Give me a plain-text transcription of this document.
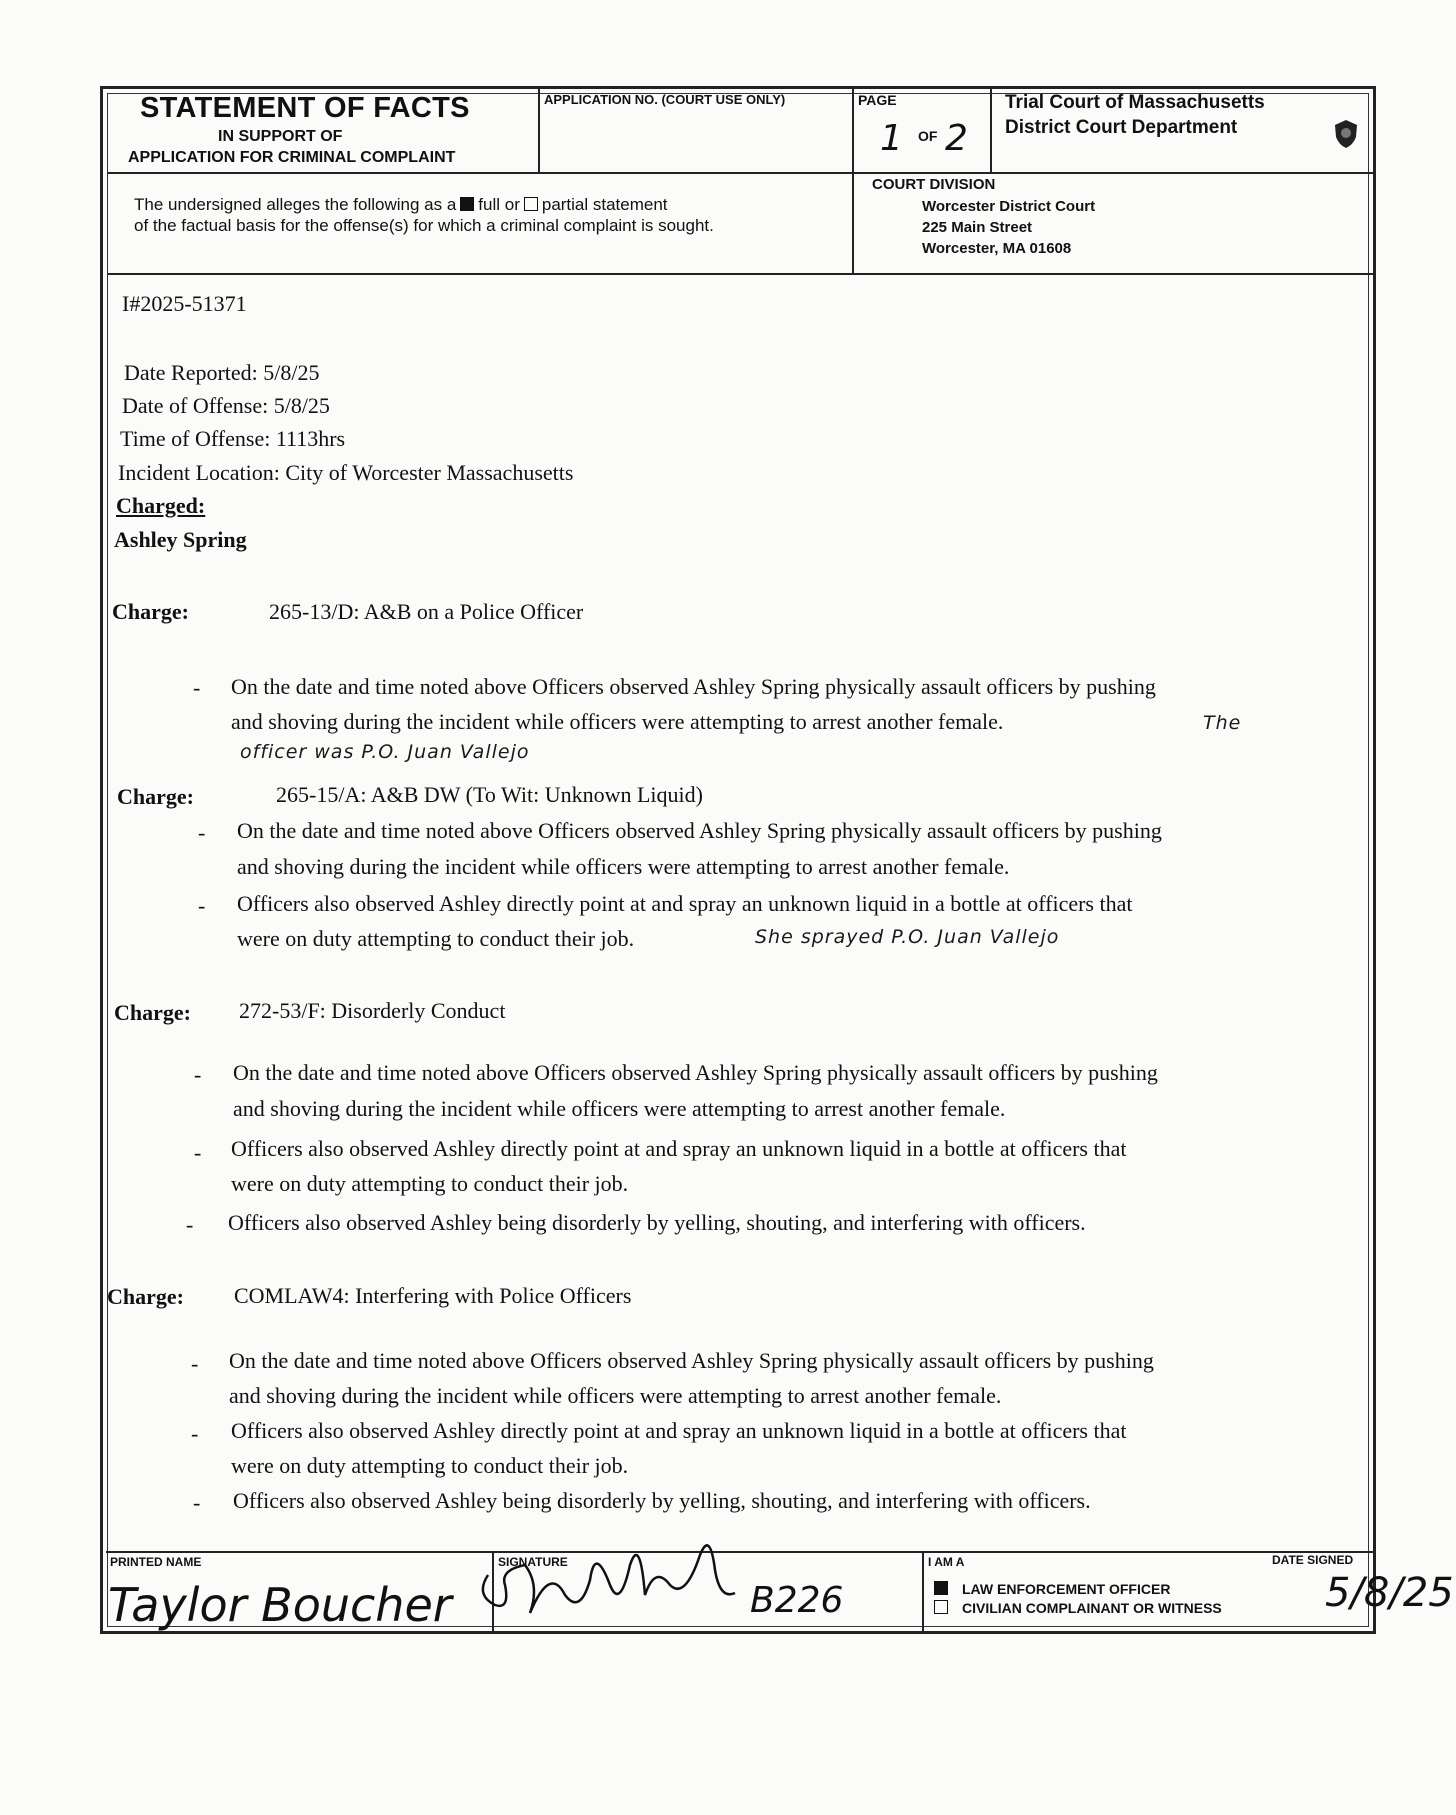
STATEMENT OF FACTS
IN SUPPORT OF
APPLICATION FOR CRIMINAL COMPLAINT
APPLICATION NO. (COURT USE ONLY)	PAGE
1 OF 2
Trial Court of Massachusetts
District Court Department
The undersigned alleges the following as a full or partial statement
of the factual basis for the offense(s) for which a criminal complaint is sought.
COURT DIVISION
Worcester District Court
225 Main Street
Worcester, MA 01608
I#2025-51371
Date Reported: 5/8/25
Date of Offense: 5/8/25
Time of Offense: 1113hrs
Incident Location: City of Worcester Massachusetts
Charged:
Ashley Spring
Charge:	265-13/D: A&B on a Police Officer
- On the date and time noted above Officers observed Ashley Spring physically assault officers by pushing
and shoving during the incident while officers were attempting to arrest another female.	The
officer was P.O. Juan Vallejo
Charge:	265-15/A: A&B DW (To Wit: Unknown Liquid)
- On the date and time noted above Officers observed Ashley Spring physically assault officers by pushing
and shoving during the incident while officers were attempting to arrest another female.
- Officers also observed Ashley directly point at and spray an unknown liquid in a bottle at officers that
were on duty attempting to conduct their job.	She sprayed P.O. Juan Vallejo
Charge: 272-53/F: Disorderly Conduct
- On the date and time noted above Officers observed Ashley Spring physically assault officers by pushing
and shoving during the incident while officers were attempting to arrest another female.
- Officers also observed Ashley directly point at and spray an unknown liquid in a bottle at officers that
were on duty attempting to conduct their job.
- Officers also observed Ashley being disorderly by yelling, shouting, and interfering with officers.
Charge: COMLAW4: Interfering with Police Officers
- On the date and time noted above Officers observed Ashley Spring physically assault officers by pushing
and shoving during the incident while officers were attempting to arrest another female.
- Officers also observed Ashley directly point at and spray an unknown liquid in a bottle at officers that
were on duty attempting to conduct their job.
- Officers also observed Ashley being disorderly by yelling, shouting, and interfering with officers.
PRINTED NAME
Taylor Boucher
SIGNATURE
B226
I AM A	DATE SIGNED
LAW ENFORCEMENT OFFICER
CIVILIAN COMPLAINANT OR WITNESS	5/8/25
